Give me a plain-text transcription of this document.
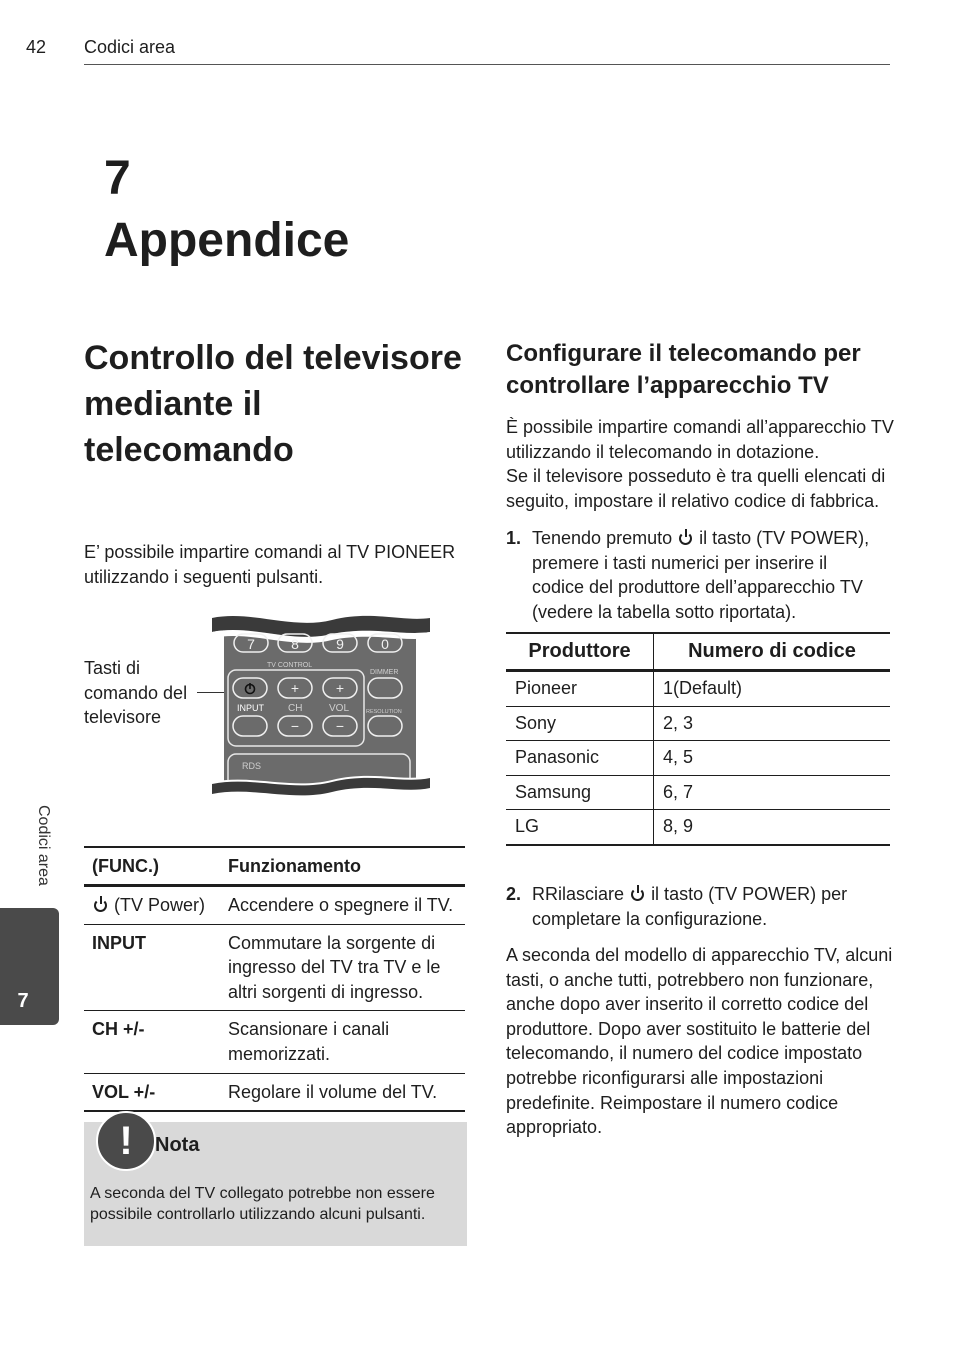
42 Codici area
7
Appendice
Controllo del televisore mediante il telecomando
E’ possibile impartire comandi al TV PIONEER utilizzando i seguenti pulsanti.
Tasti di comando del televisore
7	8	9	0
TV CONTROL
DIMMER
+	+
−	−
INPUT CH	VOL	RESOLUTION
RDS
(FUNC.)	Funzionamento
(TV Power)	Accendere o spegnere il TV.
INPUT	Commutare la sorgente di ingresso del TV tra TV e le altri sorgenti di ingresso.
CH +/-	Scansionare i canali memorizzati.
VOL +/-	Regolare il volume del TV.
!	Nota
A seconda del TV collegato potrebbe non essere possibile controllarlo utilizzando alcuni pulsanti.
Configurare il telecomando per controllare l’apparecchio TV

È possibile impartire comandi all’apparecchio TV utilizzando il telecomando in dotazione.

Se il televisore posseduto è tra quelli elencati di seguito, impostare il relativo codice di fabbrica.

1. Tenendo premuto il tasto (TV POWER), premere i tasti numerici per inserire il codice del produttore dell’apparecchio TV (vedere la tabella sotto riportata).
Produttore	Numero di codice
Pioneer	1(Default)
Sony	2, 3
Panasonic	4, 5
Samsung	6, 7
LG	8, 9
2. RRilasciare il tasto (TV POWER) per completare la configurazione.
A seconda del modello di apparecchio TV, alcuni tasti, o anche tutti, potrebbero non funzionare, anche dopo aver inserito il corretto codice del produttore. Dopo aver sostituito le batterie del telecomando, il numero del codice impostato potrebbe riconfigurarsi alle impostazioni predefinite. Reimpostare il numero codice appropriato.
Codici area
7
